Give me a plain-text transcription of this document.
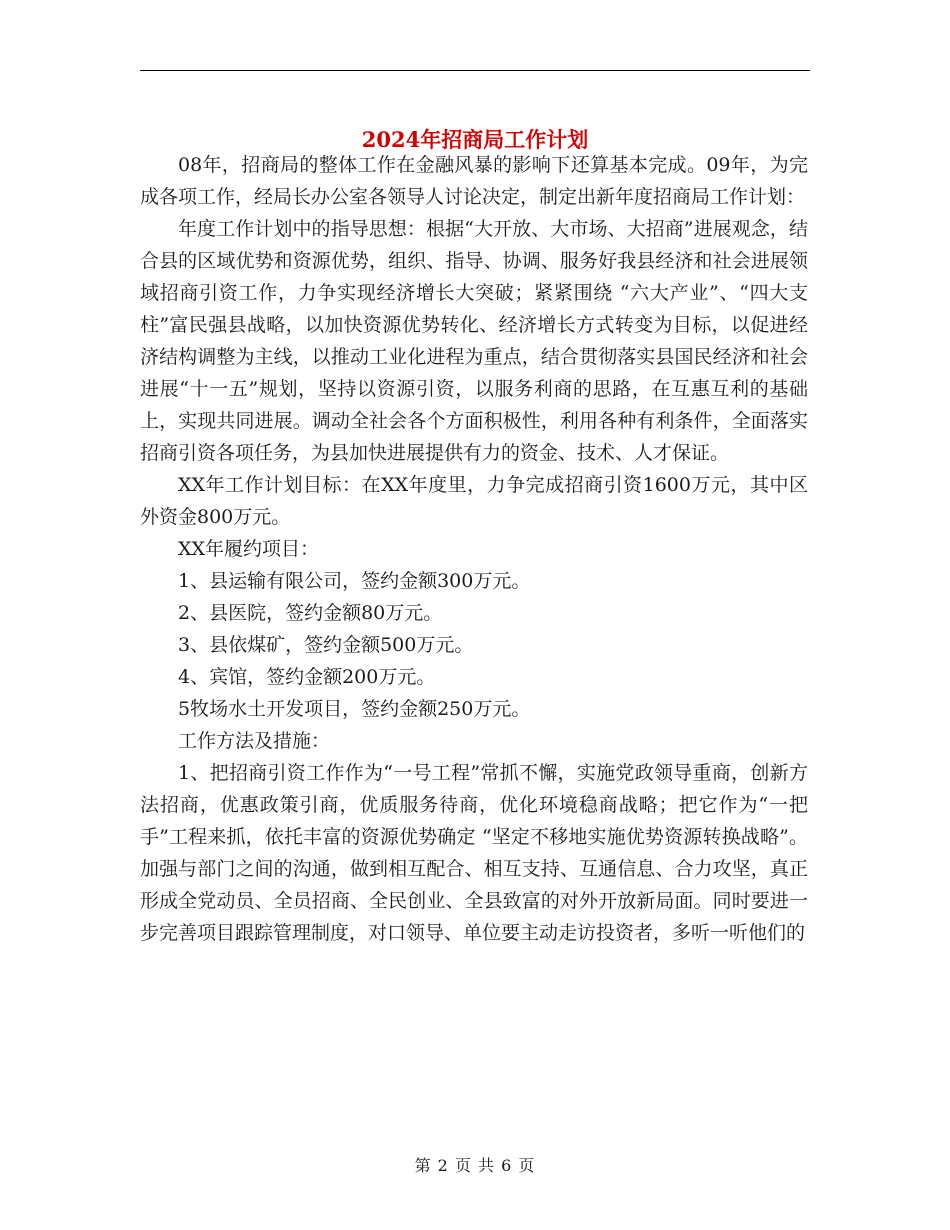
2024年招商局工作计划

08年，招商局的整体工作在金融风暴的影响下还算基本完成。09年，为完成各项工作，经局长办公室各领导人讨论决定，制定出新年度招商局工作计划：

年度工作计划中的指导思想：根据“大开放、大市场、大招商”进展观念，结合县的区域优势和资源优势，组织、指导、协调、服务好我县经济和社会进展领域招商引资工作，力争实现经济增长大突破；紧紧围绕 “六大产业”、“四大支柱”富民强县战略，以加快资源优势转化、经济增长方式转变为目标，以促进经济结构调整为主线，以推动工业化进程为重点，结合贯彻落实县国民经济和社会进展“十一五”规划，坚持以资源引资，以服务利商的思路，在互惠互利的基础上，实现共同进展。调动全社会各个方面积极性，利用各种有利条件，全面落实招商引资各项任务，为县加快进展提供有力的资金、技术、人才保证。

XX年工作计划目标：在XX年度里，力争完成招商引资1600万元，其中区外资金800万元。

XX年履约项目：

1、县运输有限公司，签约金额300万元。

2、县医院，签约金额80万元。

3、县依煤矿，签约金额500万元。

4、宾馆，签约金额200万元。

5牧场水土开发项目，签约金额250万元。

工作方法及措施：

1、把招商引资工作作为“一号工程”常抓不懈，实施党政领导重商，创新方法招商，优惠政策引商，优质服务待商，优化环境稳商战略；把它作为“一把手”工程来抓，依托丰富的资源优势确定 “坚定不移地实施优势资源转换战略”。加强与部门之间的沟通，做到相互配合、相互支持、互通信息、合力攻坚，真正形成全党动员、全员招商、全民创业、全县致富的对外开放新局面。同时要进一步完善项目跟踪管理制度，对口领导、单位要主动走访投资者，多听一听他们的

第 2 页 共 6 页
